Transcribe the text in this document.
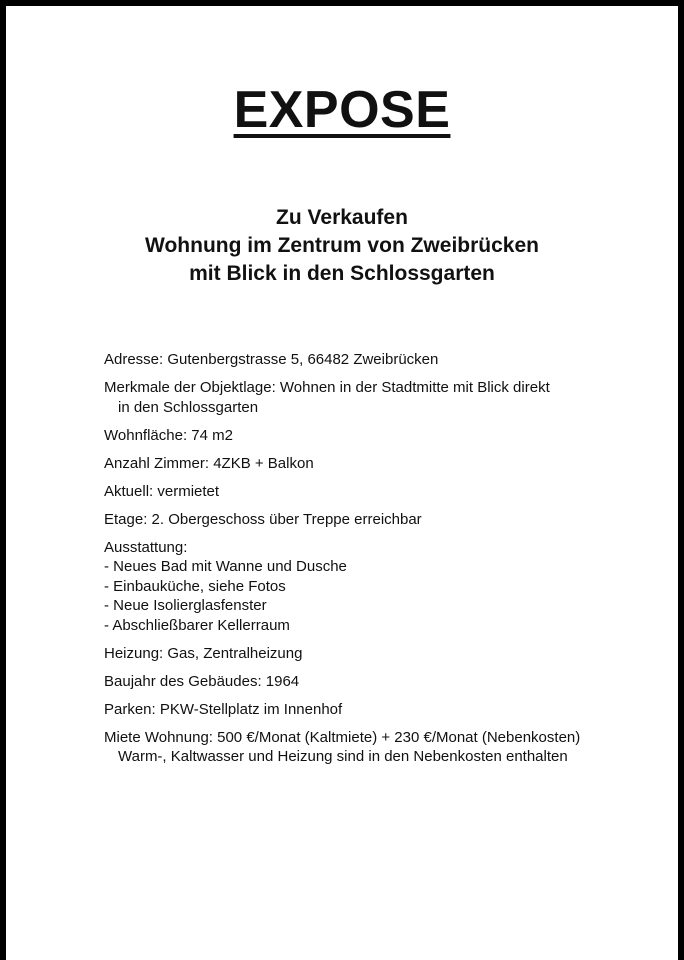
EXPOSE
Zu Verkaufen
Wohnung im Zentrum von Zweibrücken
mit Blick in den Schlossgarten
Adresse: Gutenbergstrasse 5, 66482 Zweibrücken
Merkmale der Objektlage: Wohnen in der Stadtmitte mit Blick direkt
in den Schlossgarten
Wohnfläche: 74 m2
Anzahl Zimmer: 4ZKB + Balkon
Aktuell: vermietet
Etage: 2. Obergeschoss über Treppe erreichbar
Ausstattung:
- Neues Bad mit Wanne und Dusche
- Einbauküche, siehe Fotos
- Neue Isolierglasfenster
- Abschließbarer Kellerraum
Heizung: Gas, Zentralheizung
Baujahr des Gebäudes: 1964
Parken: PKW-Stellplatz im Innenhof
Miete Wohnung: 500 €/Monat (Kaltmiete) + 230 €/Monat (Nebenkosten)
Warm-, Kaltwasser und Heizung sind in den Nebenkosten enthalten
